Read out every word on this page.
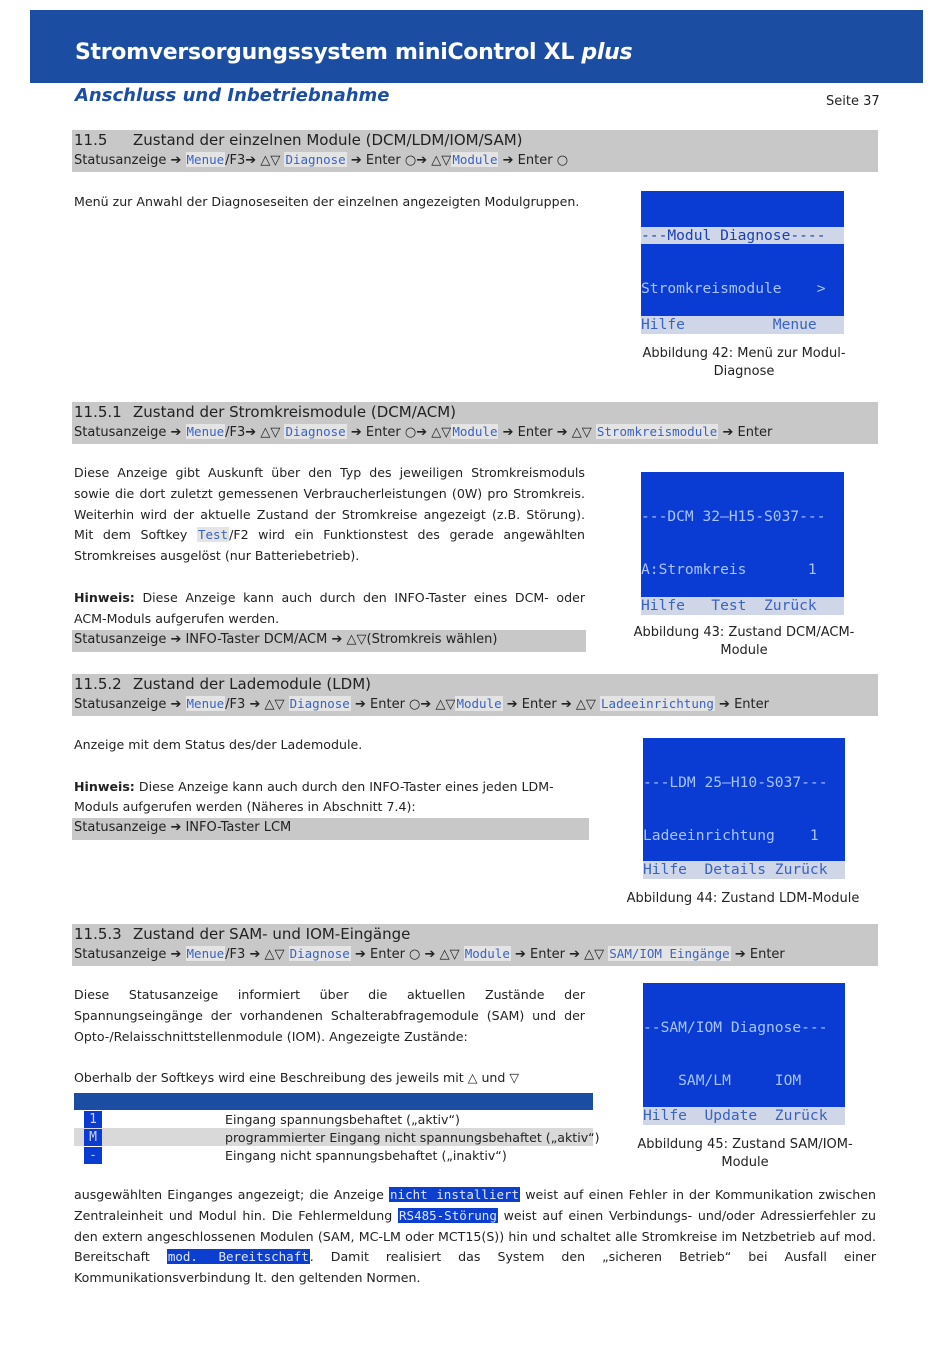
Stromversorgungssystem miniControl XL plus
Anschluss und Inbetriebnahme	Seite 37
11.5 Zustand der einzelnen Module (DCM/LDM/IOM/SAM)
Statusanzeige ➔ Menue/F3➔ △▽ Diagnose ➔ Enter ○➔ △▽Module ➔ Enter ○
Menü zur Anwahl der Diagnoseseiten der einzelnen angezeigten Modulgruppen.

---Modul Diagnose----

Stromkreismodule    >

Hilfe          Menue

Abbildung 42: Menü zur Modul-Diagnose
11.5.1 Zustand der Stromkreismodule (DCM/ACM)
Statusanzeige ➔ Menue/F3➔ △▽ Diagnose ➔ Enter ○➔ △▽Module ➔ Enter ➔ △▽ Stromkreismodule ➔ Enter

Diese Anzeige gibt Auskunft über den Typ des jeweiligen Stromkreismoduls sowie die dort zuletzt gemessenen Verbraucherleistungen (0W) pro Stromkreis. Weiterhin wird der aktuelle Zustand der Stromkreise angezeigt (z.B. Störung). Mit dem Softkey Test/F2 wird ein Funktionstest des gerade angewählten Stromkreises ausgelöst (nur Batteriebetrieb).

Hinweis: Diese Anzeige kann auch durch den INFO-Taster eines DCM- oder ACM-Moduls aufgerufen werden.

Statusanzeige ➔ INFO-Taster DCM/ACM ➔ △▽(Stromkreis wählen)

---DCM 32—H15-S037---

A:Stromkreis       1

Hilfe   Test  Zurück

Abbildung 43: Zustand DCM/ACM-Module
11.5.2 Zustand der Lademodule (LDM)
Statusanzeige ➔ Menue/F3 ➔ △▽ Diagnose ➔ Enter ○➔ △▽Module ➔ Enter ➔ △▽ Ladeeinrichtung ➔ Enter

Anzeige mit dem Status des/der Lademodule.

Hinweis: Diese Anzeige kann auch durch den INFO-Taster eines jeden LDM-Moduls aufgerufen werden (Näheres in Abschnitt 7.4):

Statusanzeige ➔ INFO-Taster LCM

---LDM 25—H10-S037---

Ladeeinrichtung    1

Hilfe  Details Zurück

Abbildung 44: Zustand LDM-Module
11.5.3 Zustand der SAM- und IOM-Eingänge
Statusanzeige ➔ Menue/F3 ➔ △▽ Diagnose ➔ Enter ○ ➔ △▽ Module ➔ Enter ➔ △▽ SAM/IOM Eingänge ➔ Enter

Diese Statusanzeige informiert über die aktuellen Zustände der Spannungseingänge der vorhandenen Schalterabfragemodule (SAM) und der Opto-/Relaisschnittstellenmodule (IOM). Angezeigte Zustände:

Oberhalb der Softkeys wird eine Beschreibung des jeweils mit △ und ▽

1	Eingang spannungsbehaftet („aktiv“)
M	programmierter Eingang nicht spannungsbehaftet („aktiv“)
-	Eingang nicht spannungsbehaftet („inaktiv“)

--SAM/IOM Diagnose---

SAM/LM     IOM

Hilfe  Update  Zurück

Abbildung 45: Zustand SAM/IOM-Module
ausgewählten Einganges angezeigt; die Anzeige nicht installiert weist auf einen Fehler in der Kommunikation zwischen Zentraleinheit und Modul hin. Die Fehlermeldung RS485-Störung weist auf einen Verbindungs- und/oder Adressierfehler zu den extern angeschlossenen Modulen (SAM, MC-LM oder MCT15(S)) hin und schaltet alle Stromkreise im Netzbetrieb auf mod. Bereitschaft mod. Bereitschaft. Damit realisiert das System den „sicheren Betrieb“ bei Ausfall einer Kommunikationsverbindung lt. den geltenden Normen.
